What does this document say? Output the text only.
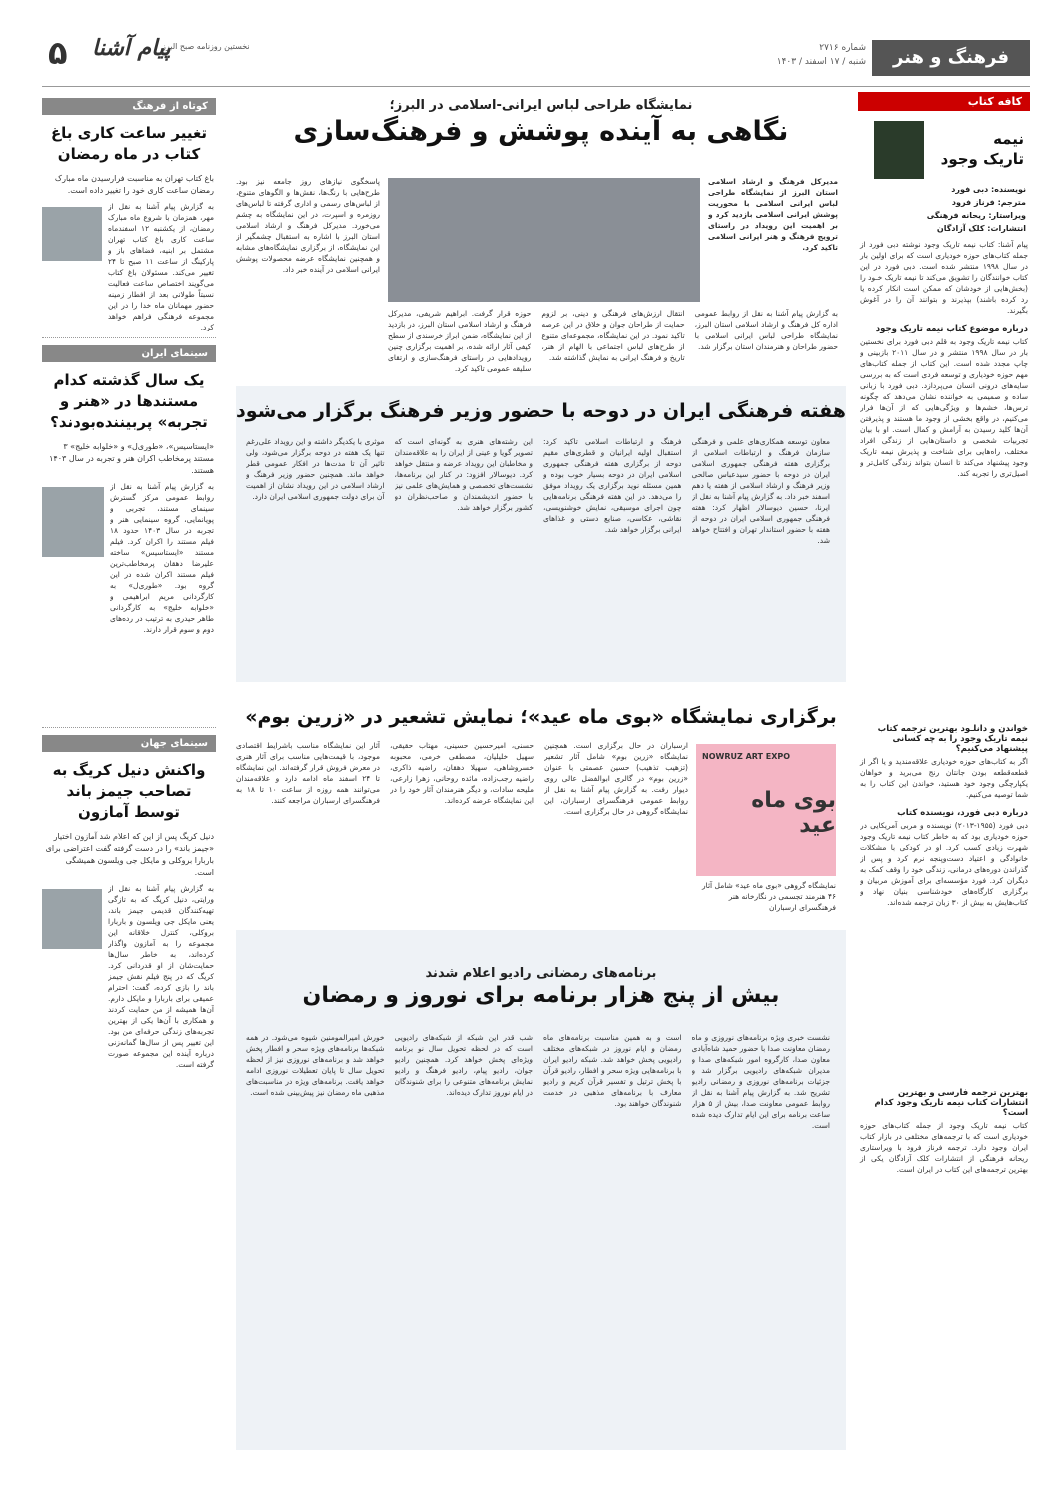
فرهنگ و هنر
شماره ۲۷۱۶
شنبه / ۱۷ اسفند / ۱۴۰۳
نخستین روزنامه صبح البرز
پیام آشنا
۵
کافه کتاب
نیمه
تاریک وجود
نویسنده: دبی فورد
مترجم: فرناز فرود
ویراستار: ریحانه فرهنگی
انتشارات: کلک آزادگان
پیام آشنا: کتاب نیمه تاریک وجود نوشته دبی فورد از جمله کتاب‌های حوزه خودیاری است که برای اولین بار در سال ۱۹۹۸ منتشر شده است. دبی فورد در این کتاب خوانندگان را تشویق می‌کند تا نیمه تاریک خـود را (بخش‌هایی از خودشان که ممکن است انکار کرده یا رد کرده باشند) بپذیرند و بتوانند آن را در آغوش بگیرند.
درباره موضوع کتاب نیمه تاریک وجود
کتاب نیمه تاریک وجود به قلم دبی فورد برای نخستین بار در سال ۱۹۹۸ منتشر و در سال ۲۰۱۱ بازبینی و چاپ مجدد شده است. این کتاب از جمله کتاب‌های مهم حوزه خودیاری و توسعه فردی است که به بررسی سایه‌های درونی انسان می‌پردازد. دبی فورد با زبانی ساده و صمیمی به خواننده نشان می‌دهد که چگونه ترس‌ها، خشم‌ها و ویژگی‌هایی که از آن‌ها فرار می‌کنیم، در واقع بخشی از وجود ما هستند و پذیرفتن آن‌ها کلید رسیدن به آرامش و کمال است. او با بیان تجربیات شخصی و داستان‌هایی از زندگی افراد مختلف، راه‌هایی برای شناخت و پذیرش نیمه تاریک وجود پیشنهاد می‌کند تا انسان بتواند زندگی کامل‌تر و اصیل‌تری را تجربه کند.
خواندن و دانلـود بهترین ترجمه کتاب نیمه تاریک وجود را به چه کسانی پیشنهاد می‌کنیم؟
اگر به کتاب‌های حوزه خودیاری علاقه‌مندید و یا اگر از قطعه‌قطعه بودن جانتان رنج می‌برید و خواهان یکپارچگی وجود خود هستید، خواندن این کتاب را به شما توصیه می‌کنیم.
درباره دبی فورد، نویسنده کتاب
دبی فورد (۱۹۵۵-۲۰۱۳) نویسنده و مربی آمریکایی در حوزه خودیاری بود که به خاطر کتاب نیمه تاریک وجود شهرت زیادی کسب کرد. او در کودکی با مشکلات خانوادگی و اعتیاد دست‌وپنجه نرم کرد و پس از گذراندن دوره‌های درمانی، زندگی خود را وقف کمک به دیگران کرد. فورد مؤسسه‌ای برای آموزش مربیان و برگزاری کارگاه‌های خودشناسی بنیان نهاد و کتاب‌هایش به بیش از ۳۰ زبان ترجمه شده‌اند.
بهترین ترجمه فارسی و بهترین انتشارات کتاب نیمه تاریک وجود کدام است؟
کتاب نیمه تاریک وجود از جمله کتاب‌های حوزه خودیاری است که با ترجمه‌های مختلفی در بازار کتاب ایران وجود دارد. ترجمه فرناز فرود با ویراستاری ریحانه فرهنگی از انتشارات کلک آزادگان یکی از بهترین ترجمه‌های این کتاب در ایران است.
نمایشگاه طراحی لباس ایرانی-اسلامی در البرز؛
نگاهی به آینده پوشش و فرهنگ‌سازی
پاسخگوی نیازهای روز جامعه نیز بود. طرح‌هایی با رنگ‌ها، نقش‌ها و الگوهای متنوع، از لباس‌های رسمی و اداری گرفته تا لباس‌های روزمره و اسپرت، در این نمایشگاه به چشم می‌خورد. مدیرکل فرهنگ و ارشاد اسلامی استان البرز با اشاره به استقبال چشمگیر از این نمایشگاه، از برگزاری نمایشگاه‌های مشابه و همچنین نمایشگاه عرضه محصولات پوشش ایرانی اسلامی در آینده خبر داد.
مدیرکل فرهنگ و ارشاد اسلامی استان البرز از نمایشگاه طراحی لباس ایرانی اسلامی با محوریت پوشش ایرانی اسلامی بازدید کرد و بر اهمیت این رویداد در راستای ترویج فرهنگ و هنر ایرانی اسلامی تاکید کرد.
به گزارش پیام آشنا به نقل از روابط عمومی اداره کل فرهنگ و ارشاد اسلامی استان البرز، نمایشگاه طراحی لباس ایرانی اسلامی با حضور طراحان و هنرمندان استان برگزار شد.
انتقال ارزش‌های فرهنگی و دینی، بر لزوم حمایت از طراحان جوان و خلاق در این عرصه تاکید نمود. در این نمایشگاه، مجموعه‌ای متنوع از طرح‌های لباس اجتماعی با الهام از هنر، تاریخ و فرهنگ ایرانی به نمایش گذاشته شد.
حوزه قرار گرفت. ابراهیم شریفی، مدیرکل فرهنگ و ارشاد اسلامی استان البرز، در بازدید از این نمایشگاه، ضمن ابراز خرسندی از سطح کیفی آثار ارائه شده، بر اهمیت برگزاری چنین رویدادهایی در راستای فرهنگ‌سازی و ارتقای سلیقه عمومی تاکید کرد.
هفته فرهنگی ایران در دوحه با حضور وزیر فرهنگ برگزار می‌شود
معاون توسعه همکاری‌های علمی و فرهنگی سازمان فرهنگ و ارتباطات اسلامی از برگزاری هفته فرهنگی جمهوری اسلامی ایران در دوحه با حضور سیدعباس صالحی وزیر فرهنگ و ارشاد اسلامی از هفته یا دهم اسفند خبر داد. به گزارش پیام آشنا به نقل از ایرنا، حسین دیوسالار اظهار کرد: هفته فرهنگی جمهوری اسلامی ایران در دوحه از هفته با حضور استاندار تهران و افتتاح خواهد شد.
فرهنگ و ارتباطات اسلامی تاکید کرد: استقبال اولیه ایرانیان و قطری‌های مقیم دوحه از برگزاری هفته فرهنگی جمهوری اسلامی ایران در دوحه بسیار خوب بوده و همین مسئله نوید برگزاری یک رویداد موفق را می‌دهد. در این هفته فرهنگی برنامه‌هایی چون اجرای موسیقی، نمایش خوشنویسی، نقاشی، عکاسی، صنایع دستی و غذاهای ایرانی برگزار خواهد شد.
این رشته‌های هنری به گونه‌ای است که تصویر گویا و عینی از ایران را به علاقه‌مندان و مخاطبان این رویداد عرضه و منتقل خواهد کرد. دیوسالار افزود: در کنار این برنامه‌ها، نشست‌های تخصصی و همایش‌های علمی نیز با حضور اندیشمندان و صاحب‌نظران دو کشور برگزار خواهد شد.
موثری با یکدیگر داشته و این رویداد علی‌رغم تنها یک هفته در دوحه برگزار می‌شود، ولی تاثیر آن تا مدت‌ها در افکار عمومی قطر خواهد ماند. همچنین حضور وزیر فرهنگ و ارشاد اسلامی در این رویداد نشان از اهمیت آن برای دولت جمهوری اسلامی ایران دارد.
برگزاری نمایشگاه «بوی ماه عید»؛ نمایش تشعیر در «زرین بوم»
بوی ماه عید
NOWRUZ ART EXPO
نمایشگاه گروهی «بوی ماه عید» شامل آثار ۴۶ هنرمند تجسمی در نگارخانه هنر فرهنگسرای ارسباران
ارسباران در حال برگزاری است. همچنین نمایشگاه «زرین بوم» شامل آثار تشعیر (تزهیب تذهیب) حسین عصمتی با عنوان «زرین بوم» در گالری ابوالفضل عالی روی دیوار رفت. به گزارش پیام آشنا به نقل از روابط عمومی فرهنگسرای ارسباران، این نمایشگاه گروهی در حال برگزاری است.
حسنی، امیرحسین حسینی، مهتاب حقیقی، سهیل خلیلیان، مصطفی خرمی، محبوبه خسروشاهی، سهیلا دهقان، راضیه ذاکری، راضیه رجب‌زاده، مائده روحانی، زهرا زارعی، ملیحه سادات، و دیگر هنرمندان آثار خود را در این نمایشگاه عرضه کرده‌اند.
آثار این نمایشگاه مناسب باشرایط اقتصادی موجود، با قیمت‌هایی مناسب برای آثار هنری در معرض فروش قرار گرفته‌اند. این نمایشگاه تا ۲۴ اسفند ماه ادامه دارد و علاقه‌مندان می‌توانند همه روزه از ساعت ۱۰ تا ۱۸ به فرهنگسرای ارسباران مراجعه کنند.
برنامه‌های رمضانی رادیو اعلام شدند
بیش از پنج هزار برنامه برای نوروز و رمضان
نشست خبری ویژه برنامه‌های نوروزی و ماه رمضان معاونت صدا با حضور حمید شاه‌آبادی معاون صدا، کارگروه امور شبکه‌های صدا و مدیران شبکه‌های رادیویی برگزار شد و جزئیات برنامه‌های نوروزی و رمضانی رادیو تشریح شد. به گزارش پیام آشنا به نقل از روابط عمومی معاونت صدا، بیش از ۵ هزار ساعت برنامه برای این ایام تدارک دیده شده است.
است و به همین مناسبت برنامه‌های ماه رمضان و ایام نوروز در شبکه‌های مختلف رادیویی پخش خواهد شد. شبکه رادیو ایران با برنامه‌هایی ویژه سحر و افطار، رادیو قرآن با پخش ترتیل و تفسیر قرآن کریم و رادیو معارف با برنامه‌های مذهبی در خدمت شنوندگان خواهند بود.
شب قدر این شبکه از شبکه‌های رادیویی است که در لحظه تحویل سال نو برنامه ویژه‌ای پخش خواهد کرد. همچنین رادیو جوان، رادیو پیام، رادیو فرهنگ و رادیو نمایش برنامه‌های متنوعی را برای شنوندگان در ایام نوروز تدارک دیده‌اند.
خورش امیرالمومنین شیوه می‌شود. در همه شبکه‌ها برنامه‌های ویژه سحر و افطار پخش خواهد شد و برنامه‌های نوروزی نیز از لحظه تحویل سال تا پایان تعطیلات نوروزی ادامه خواهد یافت. برنامه‌های ویژه در مناسبت‌های مذهبی ماه رمضان نیز پیش‌بینی شده است.
کوتاه از فرهنگ
تغییر ساعت کاری باغ کتاب در ماه رمضان
باغ کتاب تهران به مناسبت فرارسیدن ماه مبارک رمضان ساعت کاری خود را تغییر داده است.
به گزارش پیام آشنا به نقل از مهر، همزمان با شروع ماه مبارک رمضان، از یکشنبه ۱۲ اسفندماه ساعت کاری باغ کتاب تهران مشتمل بر ابنیه، فضاهای باز و پارکینگ از ساعت ۱۱ صبح تا ۲۴ تغییر می‌کند. مسئولان باغ کتاب می‌گویند اختصاص ساعت فعالیت نسبتاً طولانی بعد از افطار زمینه حضور مهمانان ماه خدا را در این مجموعه فرهنگی فراهم خواهد کرد.
سینمای ایران
یک سال گذشته کدام مستندها در «هنر و تجربه» پربیننده‌بودند؟
«ایستاسیس»، «طوری‌ل» و «خلوابه خلیج» ۳ مستند پرمخاطب اکران هنر و تجربه در سال ۱۴۰۳ هستند.
به گزارش پیام آشنا به نقل از روابط عمومی مرکز گسترش سینمای مستند، تجربی و پویانمایی، گروه سینمایی هنر و تجربه در سال ۱۴۰۳ حدود ۱۸ فیلم مستند را اکران کرد. فیلم مستند «ایستاسیس» ساخته علیرضا دهقان پرمخاطب‌ترین فیلم مستند اکران شده در این گروه بود. «طوری‌ل» به کارگردانی مریم ابراهیمی و «خلوابه خلیج» به کارگردانی طاهر حیدری به ترتیب در رده‌های دوم و سوم قرار دارند.
سینمای جهان
واکنش دنیل کریگ به تصاحب جیمز باند توسط آمازون
دنیل کریگ پس از این که اعلام شد آمازون اختیار «جیمز باند» را در دست گرفته گفت اعتراضی برای باربارا بروکلی و مایکل جی ویلسون همیشگی است.
به گزارش پیام آشنا به نقل از ورایتی، دنیل کریگ که به تازگی تهیه‌کنندگان قدیمی جیمز باند، یعنی مایکل جی ویلسون و باربارا بروکلی، کنترل خلاقانه این مجموعه را به آمازون واگذار کرده‌اند، به خاطر سال‌ها حمایت‌شان از او قدردانی کرد. کریگ که در پنج فیلم نقش جیمز باند را بازی کرده، گفت: احترام عمیقی برای باربارا و مایکل دارم. آن‌ها همیشه از من حمایت کردند و همکاری با آن‌ها یکی از بهترین تجربه‌های زندگی حرفه‌ای من بود. این تغییر پس از سال‌ها گمانه‌زنی درباره آینده این مجموعه صورت گرفته است.
